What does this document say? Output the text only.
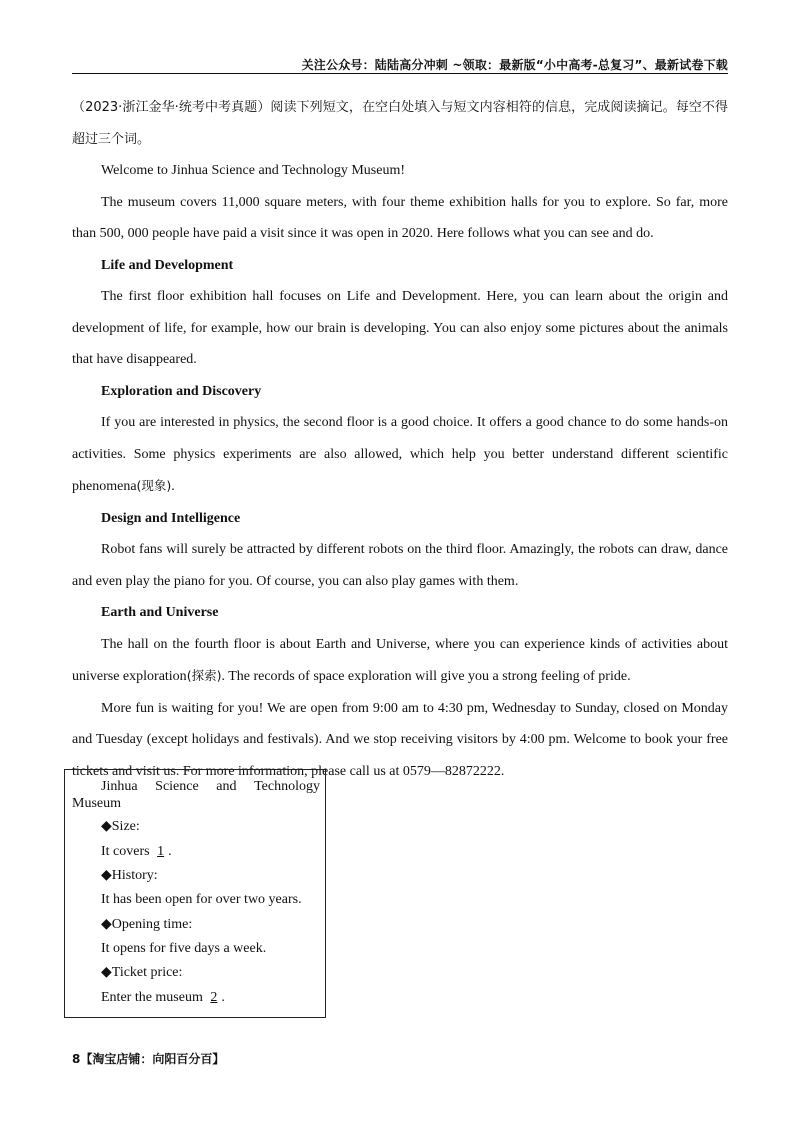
关注公众号：陆陆高分冲刺 ~领取：最新版“小中高考-总复习”、最新试卷下载

（2023·浙江金华·统考中考真题）阅读下列短文，在空白处填入与短文内容相符的信息，完成阅读摘记。每空不得超过三个词。

Welcome to Jinhua Science and Technology Museum!

The museum covers 11,000 square meters, with four theme exhibition halls for you to explore. So far, more than 500, 000 people have paid a visit since it was open in 2020. Here follows what you can see and do.

Life and Development

The first floor exhibition hall focuses on Life and Development. Here, you can learn about the origin and development of life, for example, how our brain is developing. You can also enjoy some pictures about the animals that have disappeared.

Exploration and Discovery

If you are interested in physics, the second floor is a good choice. It offers a good chance to do some hands-on activities. Some physics experiments are also allowed, which help you better understand different scientific phenomena(现象).

Design and Intelligence

Robot fans will surely be attracted by different robots on the third floor. Amazingly, the robots can draw, dance and even play the piano for you. Of course, you can also play games with them.

Earth and Universe

The hall on the fourth floor is about Earth and Universe, where you can experience kinds of activities about universe exploration(探索). The records of space exploration will give you a strong feeling of pride.

More fun is waiting for you! We are open from 9:00 am to 4:30 pm, Wednesday to Sunday, closed on Monday and Tuesday (except holidays and festivals). And we stop receiving visitors by 4:00 pm. Welcome to book your free tickets and visit us. For more information, please call us at 0579—82872222.

Jinhua Science and Technology
Museum
◆Size:
It covers 1 .
◆History:
It has been open for over two years.
◆Opening time:
It opens for five days a week.
◆Ticket price:
Enter the museum 2 .
8【淘宝店铺：向阳百分百】
